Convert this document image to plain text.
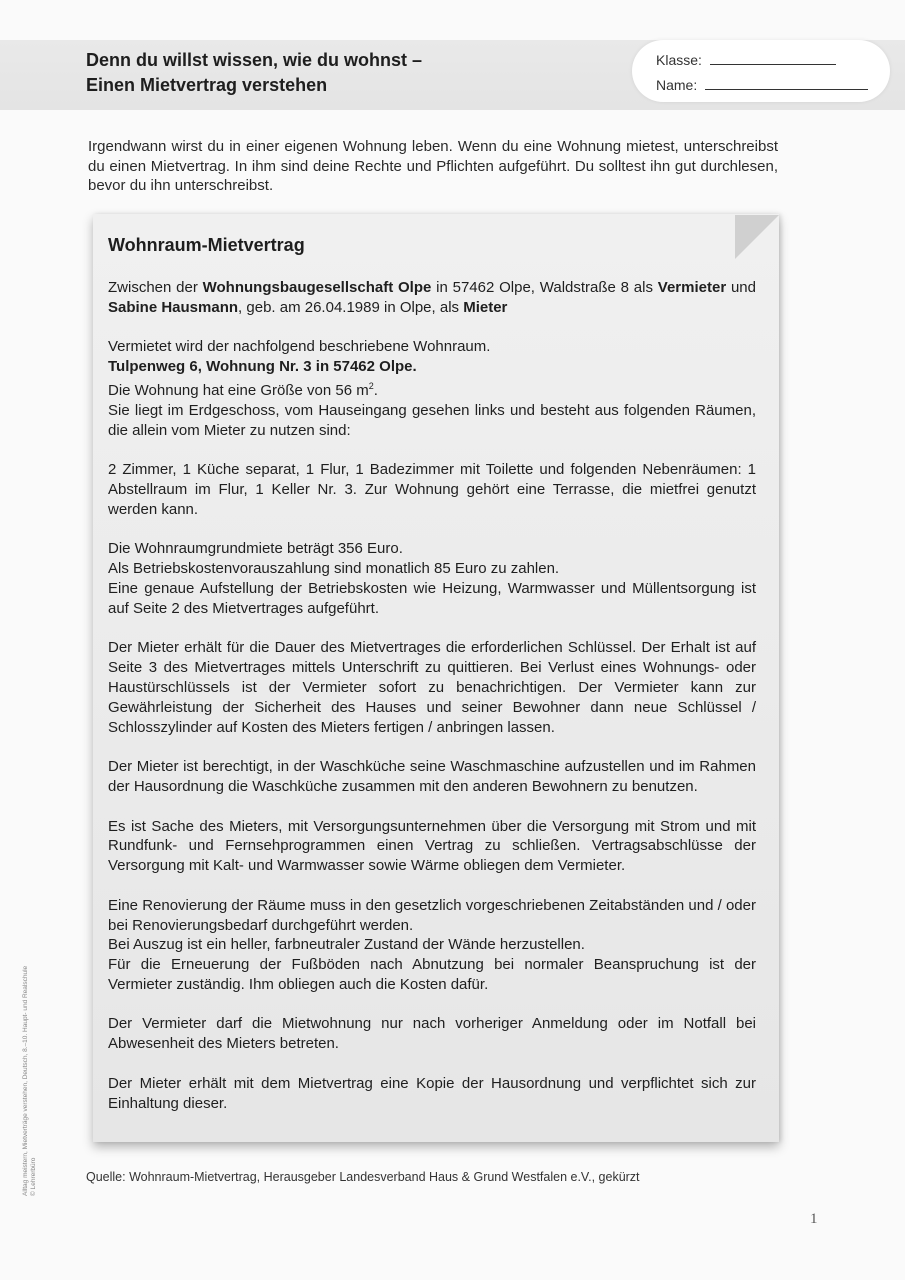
Denn du willst wissen, wie du wohnst –
Einen Mietvertrag verstehen
Klasse:
Name:
Irgendwann wirst du in einer eigenen Wohnung leben. Wenn du eine Wohnung mietest, unterschreibst du einen Mietvertrag. In ihm sind deine Rechte und Pflichten aufgeführt. Du solltest ihn gut durchlesen, bevor du ihn unterschreibst.
Wohnraum-Mietvertrag

Zwischen der Wohnungsbaugesellschaft Olpe in 57462 Olpe, Waldstraße 8 als Vermieter und Sabine Hausmann, geb. am 26.04.1989 in Olpe, als Mieter

Vermietet wird der nachfolgend beschriebene Wohnraum.
Tulpenweg 6, Wohnung Nr. 3 in 57462 Olpe.
Die Wohnung hat eine Größe von 56 $m^2$.
Sie liegt im Erdgeschoss, vom Hauseingang gesehen links und besteht aus folgenden Räumen, die allein vom Mieter zu nutzen sind:

2 Zimmer, 1 Küche separat, 1 Flur, 1 Badezimmer mit Toilette und folgenden Nebenräumen: 1 Abstellraum im Flur, 1 Keller Nr. 3. Zur Wohnung gehört eine Terrasse, die mietfrei genutzt werden kann.

Die Wohnraumgrundmiete beträgt 356 Euro.
Als Betriebskostenvorauszahlung sind monatlich 85 Euro zu zahlen.
Eine genaue Aufstellung der Betriebskosten wie Heizung, Warmwasser und Müllentsorgung ist auf Seite 2 des Mietvertrages aufgeführt.

Der Mieter erhält für die Dauer des Mietvertrages die erforderlichen Schlüssel. Der Erhalt ist auf Seite 3 des Mietvertrages mittels Unterschrift zu quittieren. Bei Verlust eines Wohnungs- oder Haustürschlüssels ist der Vermieter sofort zu benachrichtigen. Der Vermieter kann zur Gewährleistung der Sicherheit des Hauses und seiner Bewohner dann neue Schlüssel / Schlosszylinder auf Kosten des Mieters fertigen / anbringen lassen.

Der Mieter ist berechtigt, in der Waschküche seine Waschmaschine aufzustellen und im Rahmen der Hausordnung die Waschküche zusammen mit den anderen Bewohnern zu benutzen.

Es ist Sache des Mieters, mit Versorgungsunternehmen über die Versorgung mit Strom und mit Rundfunk- und Fernsehprogrammen einen Vertrag zu schließen. Vertragsabschlüsse der Versorgung mit Kalt- und Warmwasser sowie Wärme obliegen dem Vermieter.

Eine Renovierung der Räume muss in den gesetzlich vorgeschriebenen Zeitabständen und / oder bei Renovierungsbedarf durchgeführt werden.
Bei Auszug ist ein heller, farbneutraler Zustand der Wände herzustellen.
Für die Erneuerung der Fußböden nach Abnutzung bei normaler Beanspruchung ist der Vermieter zuständig. Ihm obliegen auch die Kosten dafür.

Der Vermieter darf die Mietwohnung nur nach vorheriger Anmeldung oder im Notfall bei Abwesenheit des Mieters betreten.

Der Mieter erhält mit dem Mietvertrag eine Kopie der Hausordnung und verpflichtet sich zur Einhaltung dieser.

Quelle: Wohnraum-Mietvertrag, Herausgeber Landesverband Haus & Grund Westfalen e.V., gekürzt
1
Alltag meistern, Mietverträge verstehen, Deutsch, 8.–10. Haupt- und Realschule © Lehrerbüro
